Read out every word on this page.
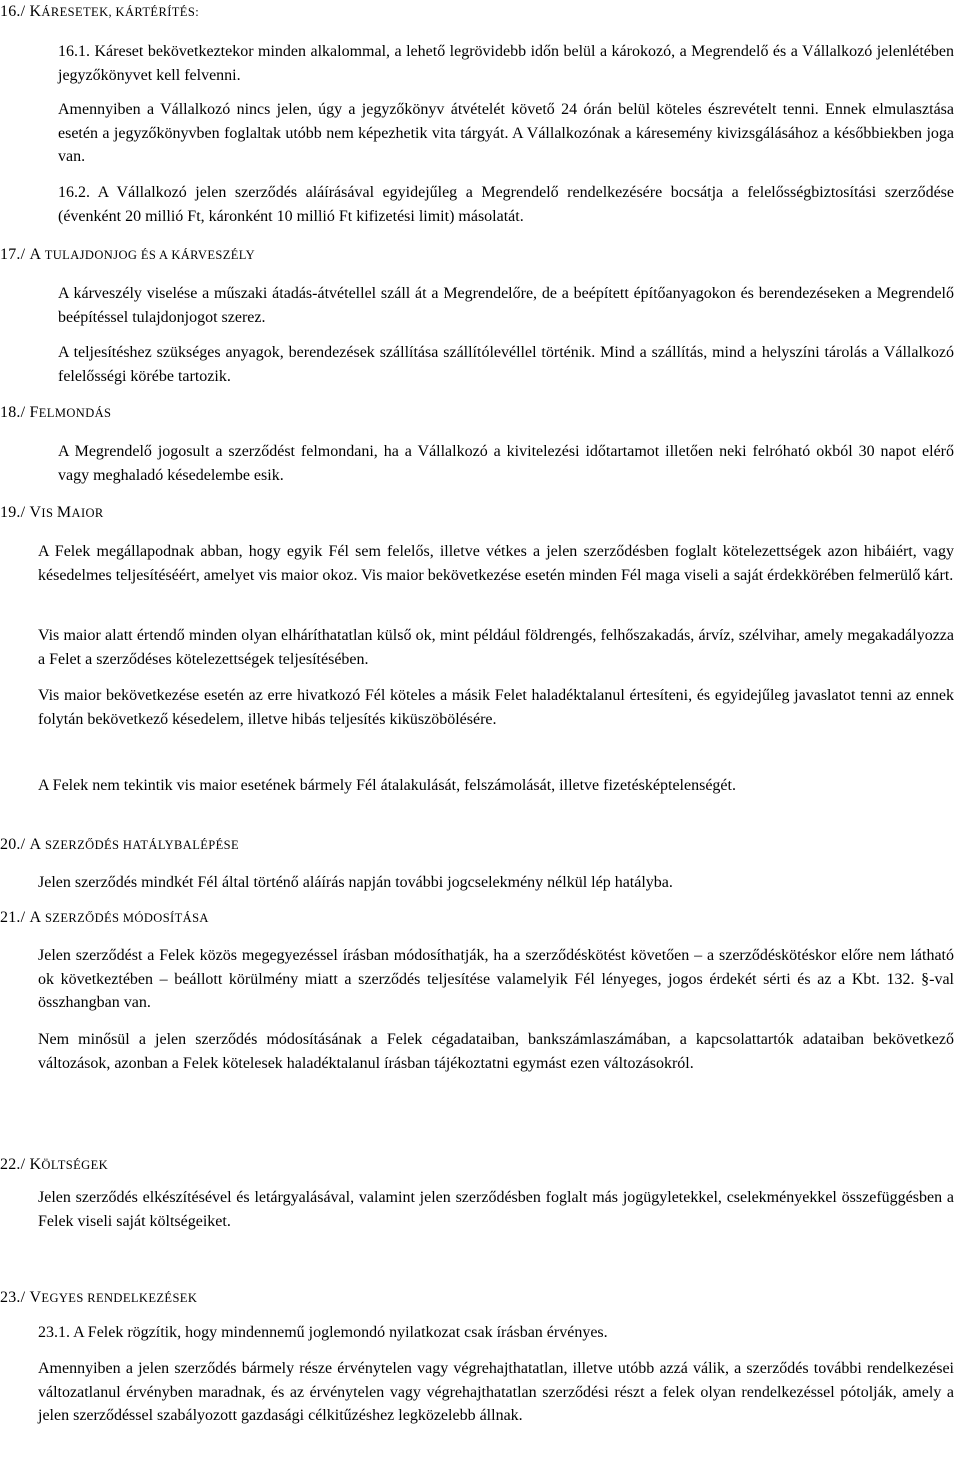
16./ KÁRESETEK, KÁRTÉRÍTÉS:

16.1. Káreset bekövetkeztekor minden alkalommal, a lehető legrövidebb időn belül a károkozó, a Megrendelő és a Vállalkozó jelenlétében jegyzőkönyvet kell felvenni.

Amennyiben a Vállalkozó nincs jelen, úgy a jegyzőkönyv átvételét követő 24 órán belül köteles észrevételt tenni. Ennek elmulasztása esetén a jegyzőkönyvben foglaltak utóbb nem képezhetik vita tárgyát. A Vállalkozónak a káresemény kivizsgálásához a későbbiekben joga van.

16.2. A Vállalkozó jelen szerződés aláírásával egyidejűleg a Megrendelő rendelkezésére bocsátja a felelősségbiztosítási szerződése (évenként 20 millió Ft, káronként 10 millió Ft kifizetési limit) másolatát.

17./ A TULAJDONJOG ÉS A KÁRVESZÉLY

A kárveszély viselése a műszaki átadás-átvétellel száll át a Megrendelőre, de a beépített építőanyagokon és berendezéseken a Megrendelő beépítéssel tulajdonjogot szerez.

A teljesítéshez szükséges anyagok, berendezések szállítása szállítólevéllel történik. Mind a szállítás, mind a helyszíni tárolás a Vállalkozó felelősségi körébe tartozik.

18./ FELMONDÁS

A Megrendelő jogosult a szerződést felmondani, ha a Vállalkozó a kivitelezési időtartamot illetően neki felróható okból 30 napot elérő vagy meghaladó késedelembe esik.

19./ VIS MAIOR

A Felek megállapodnak abban, hogy egyik Fél sem felelős, illetve vétkes a jelen szerződésben foglalt kötelezettségek azon hibáiért, vagy késedelmes teljesítéséért, amelyet vis maior okoz. Vis maior bekövetkezése esetén minden Fél maga viseli a saját érdekkörében felmerülő kárt.

Vis maior alatt értendő minden olyan elháríthatatlan külső ok, mint például földrengés, felhőszakadás, árvíz, szélvihar, amely megakadályozza a Felet a szerződéses kötelezettségek teljesítésében.

Vis maior bekövetkezése esetén az erre hivatkozó Fél köteles a másik Felet haladéktalanul értesíteni, és egyidejűleg javaslatot tenni az ennek folytán bekövetkező késedelem, illetve hibás teljesítés kiküszöbölésére.

A Felek nem tekintik vis maior esetének bármely Fél átalakulását, felszámolását, illetve fizetésképtelenségét.

20./ A SZERZŐDÉS HATÁLYBALÉPÉSE

Jelen szerződés mindkét Fél által történő aláírás napján további jogcselekmény nélkül lép hatályba.

21./ A SZERZŐDÉS MÓDOSÍTÁSA

Jelen szerződést a Felek közös megegyezéssel írásban módosíthatják, ha a szerződéskötést követően – a szerződéskötéskor előre nem látható ok következtében – beállott körülmény miatt a szerződés teljesítése valamelyik Fél lényeges, jogos érdekét sérti és az a Kbt. 132. §-val összhangban van.

Nem minősül a jelen szerződés módosításának a Felek cégadataiban, bankszámlaszámában, a kapcsolattartók adataiban bekövetkező változások, azonban a Felek kötelesek haladéktalanul írásban tájékoztatni egymást ezen változásokról.

22./ KÖLTSÉGEK

Jelen szerződés elkészítésével és letárgyalásával, valamint jelen szerződésben foglalt más jogügyletekkel, cselekményekkel összefüggésben a Felek viseli saját költségeiket.

23./ VEGYES RENDELKEZÉSEK

23.1. A Felek rögzítik, hogy mindennemű joglemondó nyilatkozat csak írásban érvényes.

Amennyiben a jelen szerződés bármely része érvénytelen vagy végrehajthatatlan, illetve utóbb azzá válik, a szerződés további rendelkezései változatlanul érvényben maradnak, és az érvénytelen vagy végrehajthatatlan szerződési részt a felek olyan rendelkezéssel pótolják, amely a jelen szerződéssel szabályozott gazdasági célkitűzéshez legközelebb állnak.
